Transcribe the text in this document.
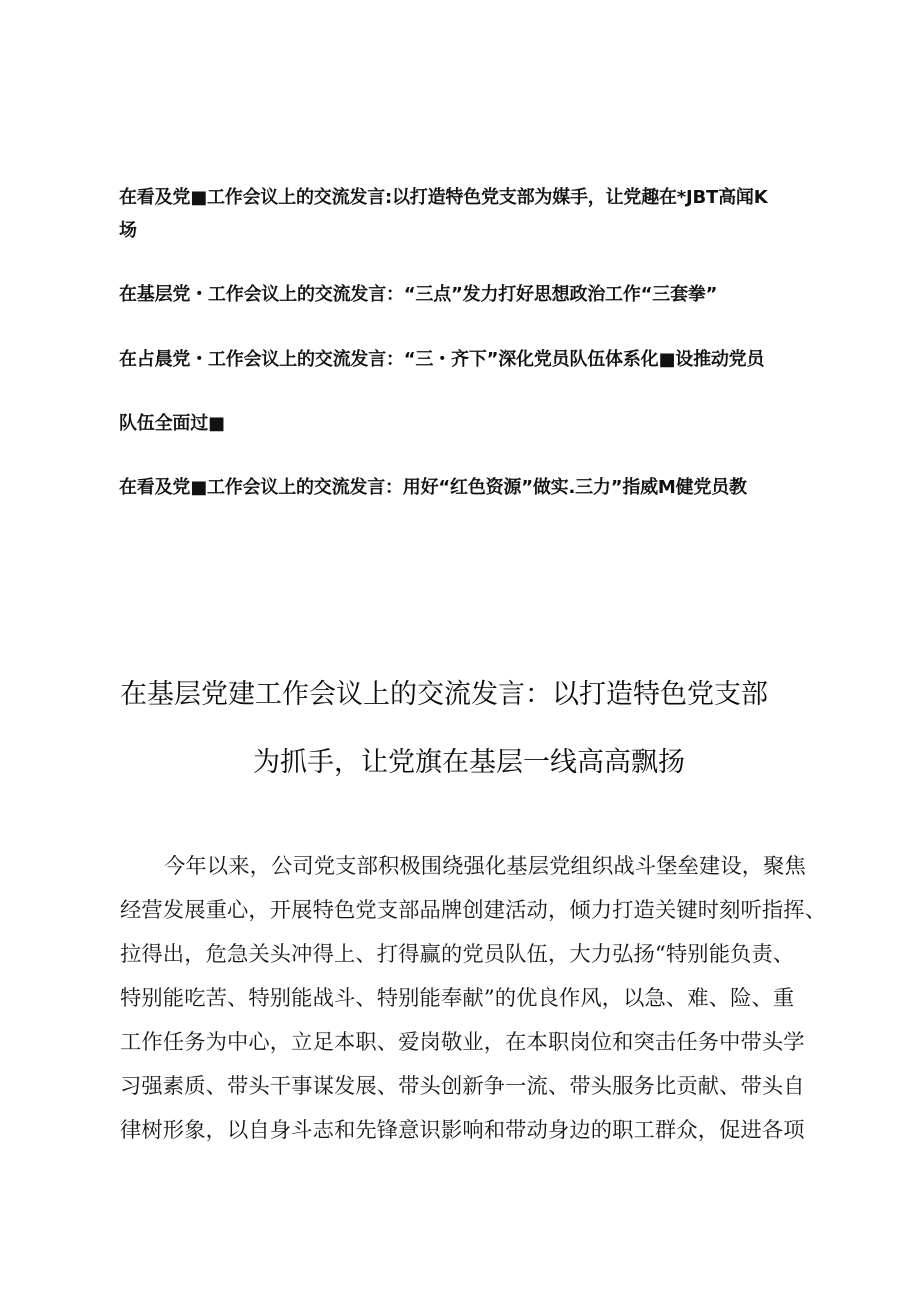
在看及党■工作会议上的交流发言:以打造特色党支部为媒手，让党趣在*JBT高闻K
场
在基层党・工作会议上的交流发言：“三点”发力打好思想政治工作“三套拳”
在占晨党・工作会议上的交流发言：“三・齐下”深化党员队伍体系化■设推动党员
队伍全面过■
在看及党■工作会议上的交流发言：用好“红色资源”做实.三力”指威M健党员教
在基层党建工作会议上的交流发言：以打造特色党支部
为抓手，让党旗在基层一线高高飘扬
今年以来，公司党支部积极围绕强化基层党组织战斗堡垒建设，聚焦
经营发展重心，开展特色党支部品牌创建活动，倾力打造关键时刻听指挥、
拉得出，危急关头冲得上、打得赢的党员队伍，大力弘扬“特别能负责、
特别能吃苦、特别能战斗、特别能奉献”的优良作风，以急、难、险、重
工作任务为中心，立足本职、爱岗敬业，在本职岗位和突击任务中带头学
习强素质、带头干事谋发展、带头创新争一流、带头服务比贡献、带头自
律树形象，以自身斗志和先锋意识影响和带动身边的职工群众，促进各项
